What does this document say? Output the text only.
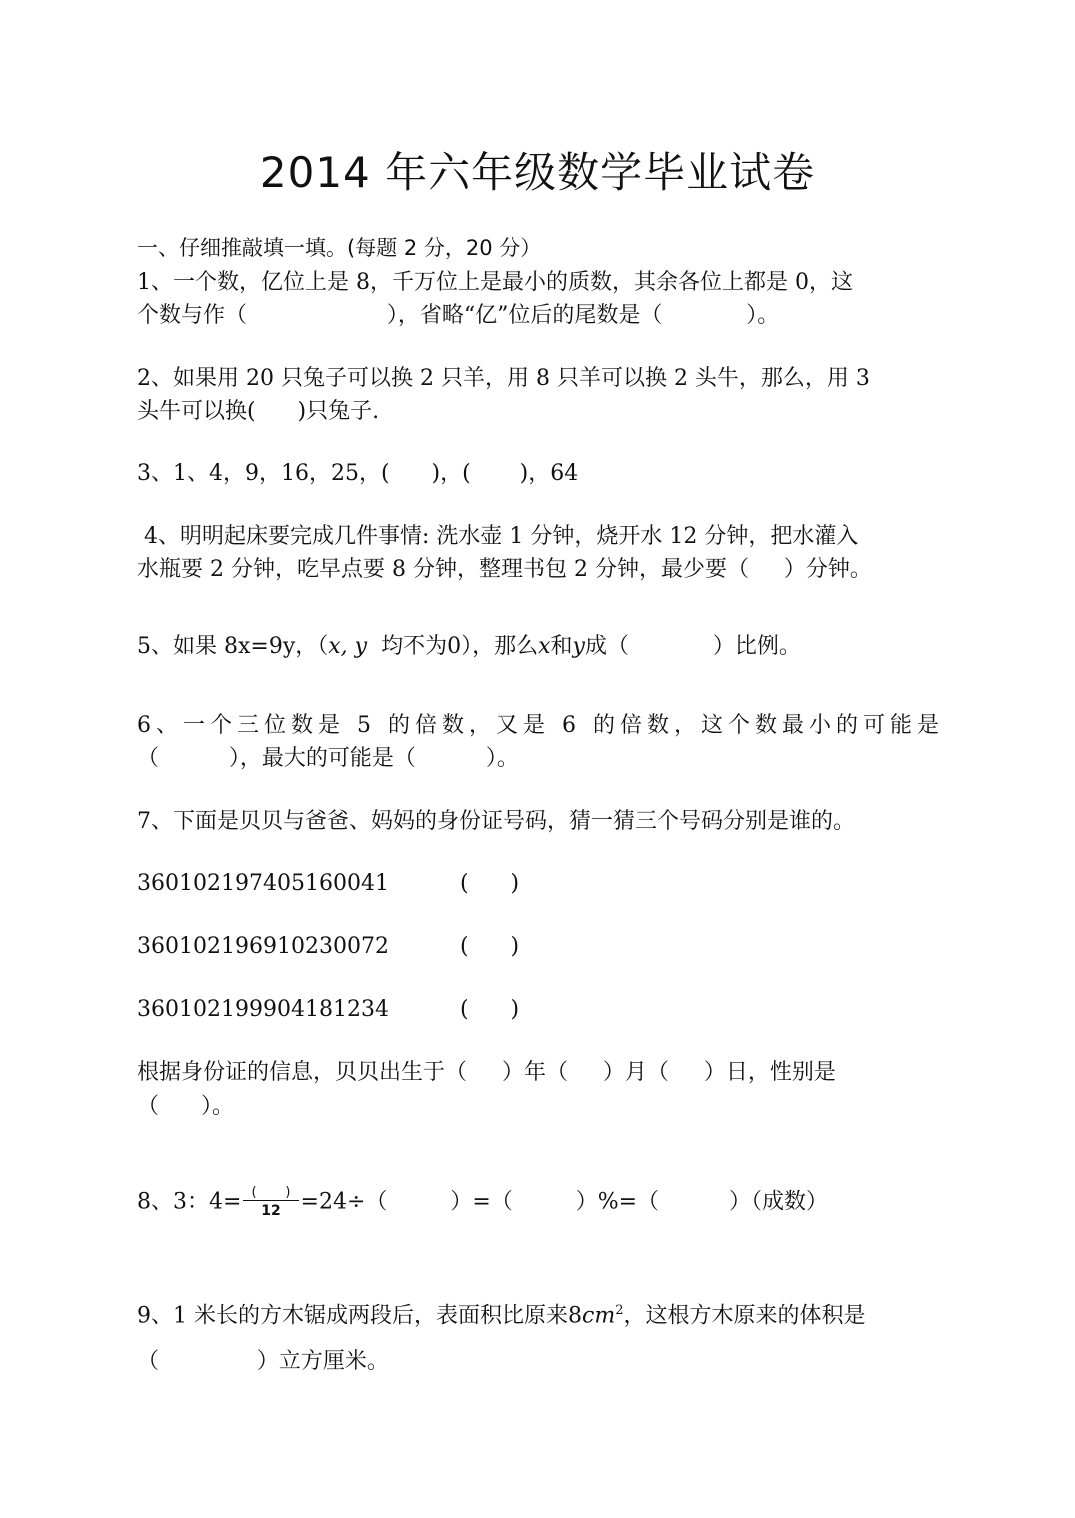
2014 年六年级数学毕业试卷
一、仔细推敲填一填。(每题 2 分，20 分）
1、一个数，亿位上是 8，千万位上是最小的质数，其余各位上都是 0，这
个数与作（                    ），省略“亿”位后的尾数是（            ）。
2、如果用 20 只兔子可以换 2 只羊，用 8 只羊可以换 2 头牛，那么，用 3
头牛可以换(      )只兔子.
3、1、4，9，16，25，(      )，(       )，64
4、明明起床要完成几件事情: 洗水壶 1 分钟，烧开水 12 分钟，把水灌入
水瓶要 2 分钟，吃早点要 8 分钟，整理书包 2 分钟，最少要（     ）分钟。
5、如果 8x=9y，（x, y  均不为0），那么x和y成（            ）比例。
6、一个三位数是 5 的倍数，又是 6 的倍数，这个数最小的可能是
（          ），最大的可能是（          ）。
7、下面是贝贝与爸爸、妈妈的身份证号码，猜一猜三个号码分别是谁的。
360102197405160041	(      )
360102196910230072	(      )
360102199904181234	(      )
根据身份证的信息，贝贝出生于（     ）年（     ）月（     ）日，性别是
（      ）。
8、3：$4= \frac{( )}{12} =24\div$（         ）=（         ）%=（          ）（成数）
9、1 米长的方木锯成两段后，表面积比原来$8cm^2$，这根方木原来的体积是
（              ）立方厘米。
